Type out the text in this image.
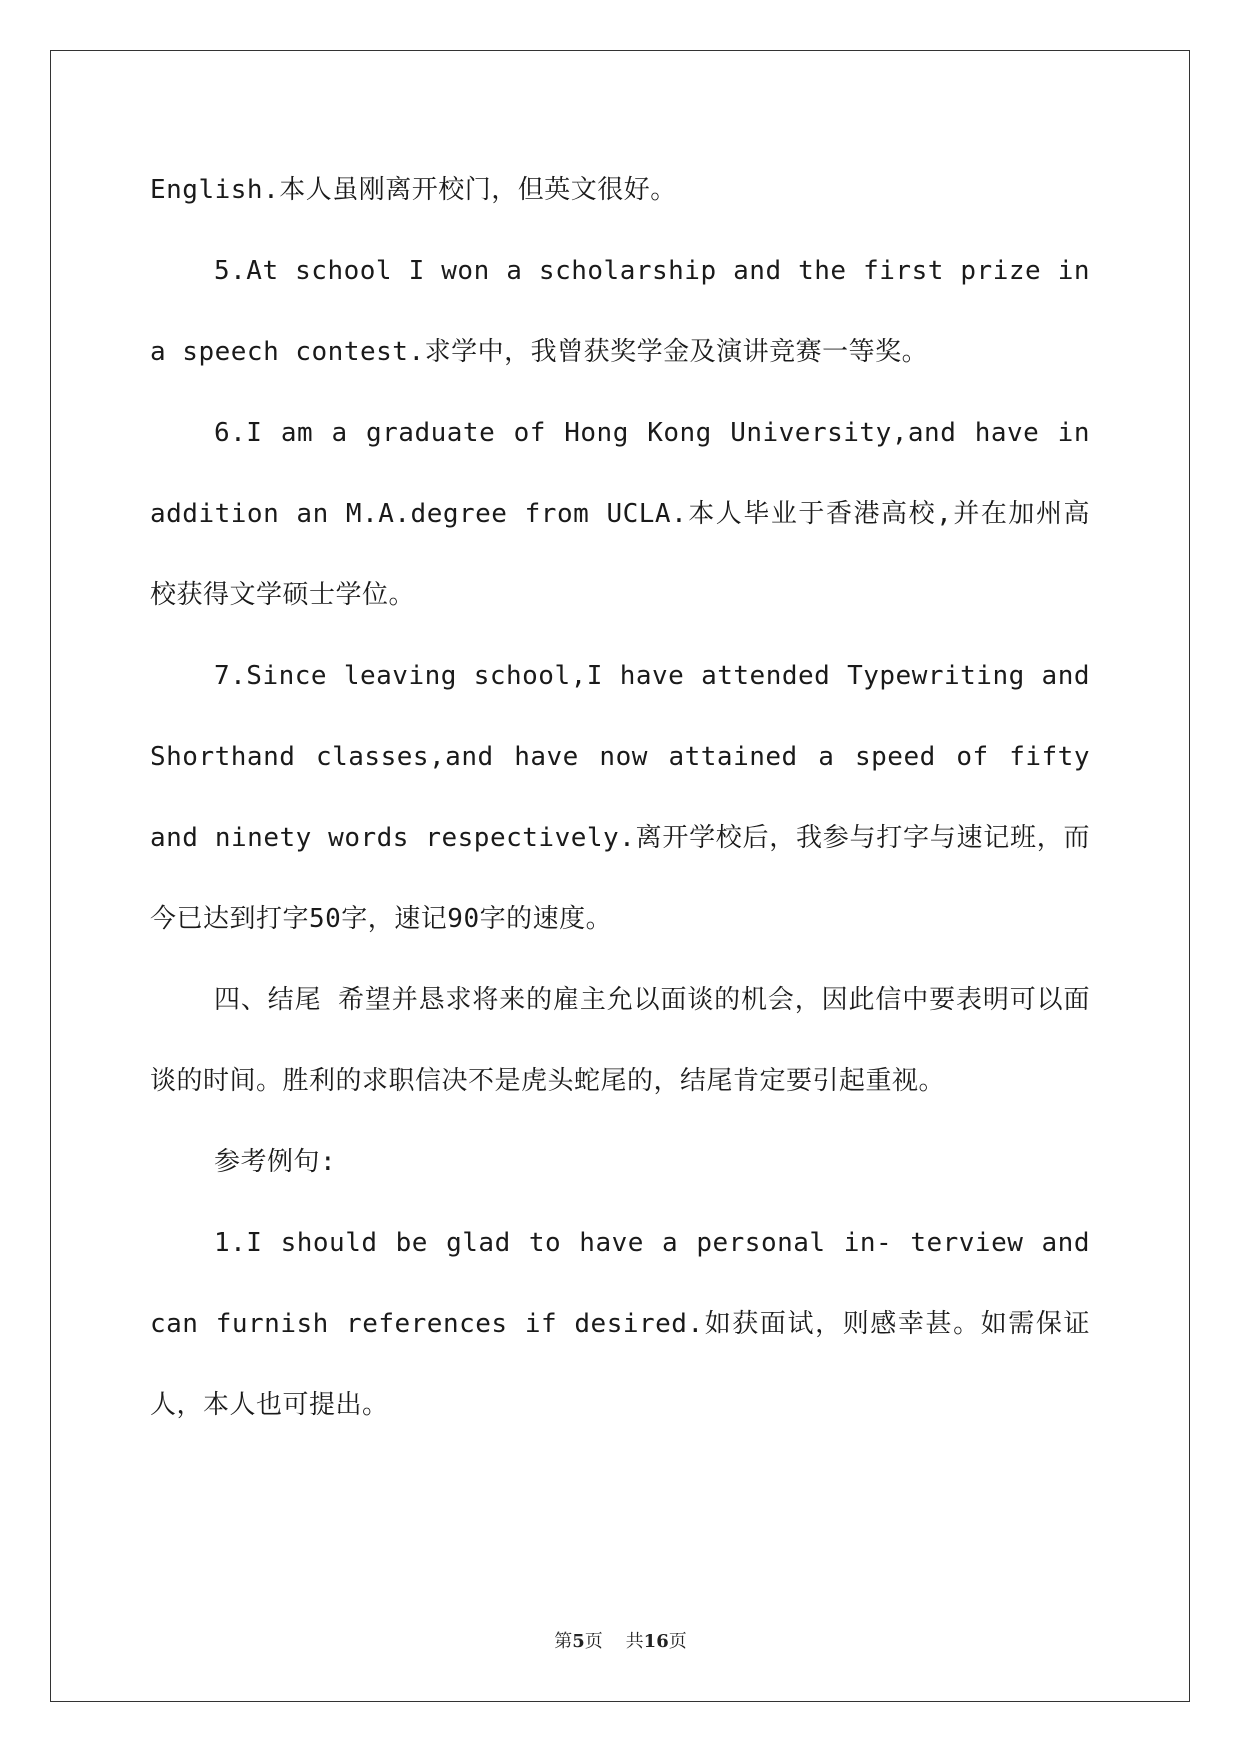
English.本人虽刚离开校门，但英文很好。

5.At school I won a scholarship and the first prize in a speech contest.求学中，我曾获奖学金及演讲竞赛一等奖。

6.I am a graduate of Hong Kong University,and have in addition an M.A.degree from UCLA.本人毕业于香港高校,并在加州高校获得文学硕士学位。

7.Since leaving school,I have attended Typewriting and Shorthand classes,and have now attained a speed of fifty and ninety words respectively.离开学校后，我参与打字与速记班，而今已达到打字50字，速记90字的速度。

四、结尾 希望并恳求将来的雇主允以面谈的机会，因此信中要表明可以面谈的时间。胜利的求职信决不是虎头蛇尾的，结尾肯定要引起重视。

参考例句:

1.I should be glad to have a personal in- terview and can furnish references if desired.如获面试，则感幸甚。如需保证人，本人也可提出。

第5页 共16页
